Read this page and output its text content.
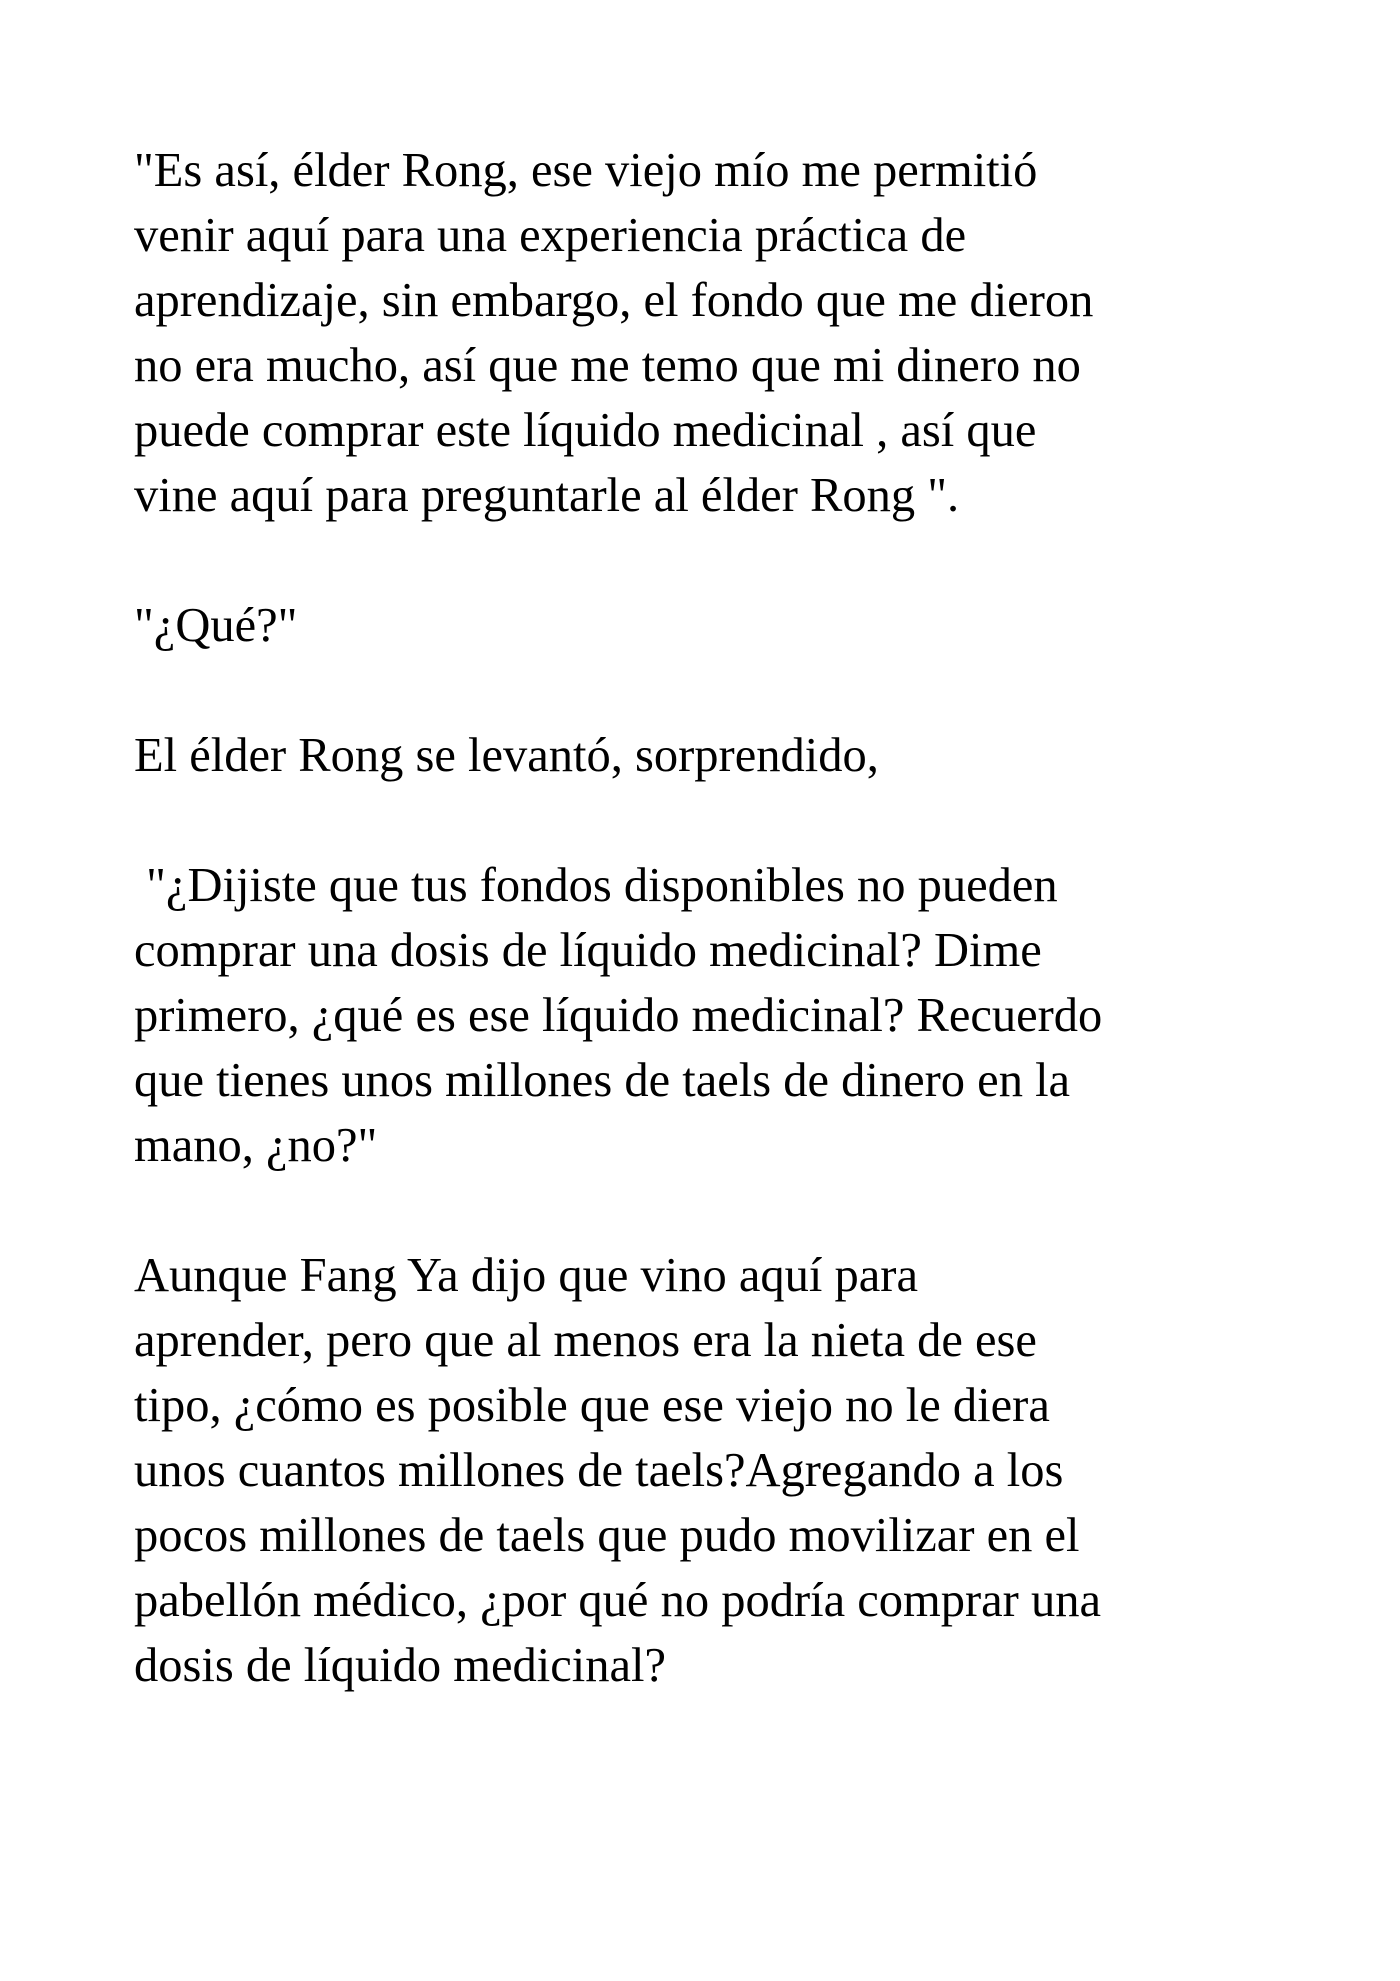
"Es así, élder Rong, ese viejo mío me permitió
venir aquí para una experiencia práctica de
aprendizaje, sin embargo, el fondo que me dieron
no era mucho, así que me temo que mi dinero no
puede comprar este líquido medicinal , así que
vine aquí para preguntarle al élder Rong ".

"¿Qué?"

El élder Rong se levantó, sorprendido,

"¿Dijiste que tus fondos disponibles no pueden
comprar una dosis de líquido medicinal? Dime
primero, ¿qué es ese líquido medicinal? Recuerdo
que tienes unos millones de taels de dinero en la
mano, ¿no?"

Aunque Fang Ya dijo que vino aquí para
aprender, pero que al menos era la nieta de ese
tipo, ¿cómo es posible que ese viejo no le diera
unos cuantos millones de taels?Agregando a los
pocos millones de taels que pudo movilizar en el
pabellón médico, ¿por qué no podría comprar una
dosis de líquido medicinal?
